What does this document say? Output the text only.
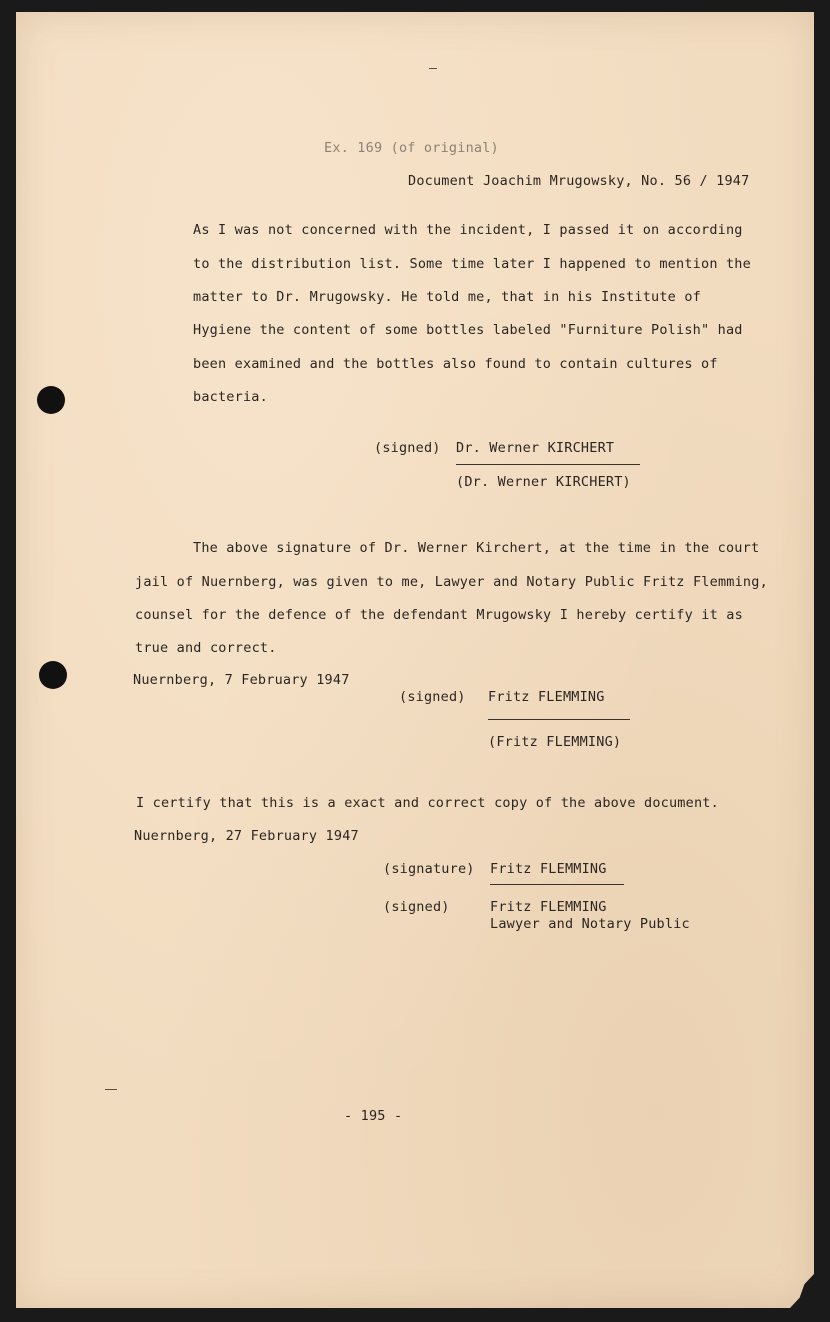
Ex. 169 (of original)
Document Joachim Mrugowsky, No. 56 / 1947
As I was not concerned with the incident, I passed it on according
to the distribution list. Some time later I happened to mention the
matter to Dr. Mrugowsky. He told me, that in his Institute of
Hygiene the content of some bottles labeled "Furniture Polish" had
been examined and the bottles also found to contain cultures of
bacteria.
(signed) Dr. Werner KIRCHERT
(Dr. Werner KIRCHERT)
The above signature of Dr. Werner Kirchert, at the time in the court
jail of Nuernberg, was given to me, Lawyer and Notary Public Fritz Flemming,
counsel for the defence of the defendant Mrugowsky I hereby certify it as
true and correct.
Nuernberg, 7 February 1947
(signed) Fritz FLEMMING
(Fritz FLEMMING)
I certify that this is a exact and correct copy of the above document.
Nuernberg, 27 February 1947
(signature) Fritz FLEMMING
(signed)	Fritz FLEMMING
Lawyer and Notary Public
- 195 -
